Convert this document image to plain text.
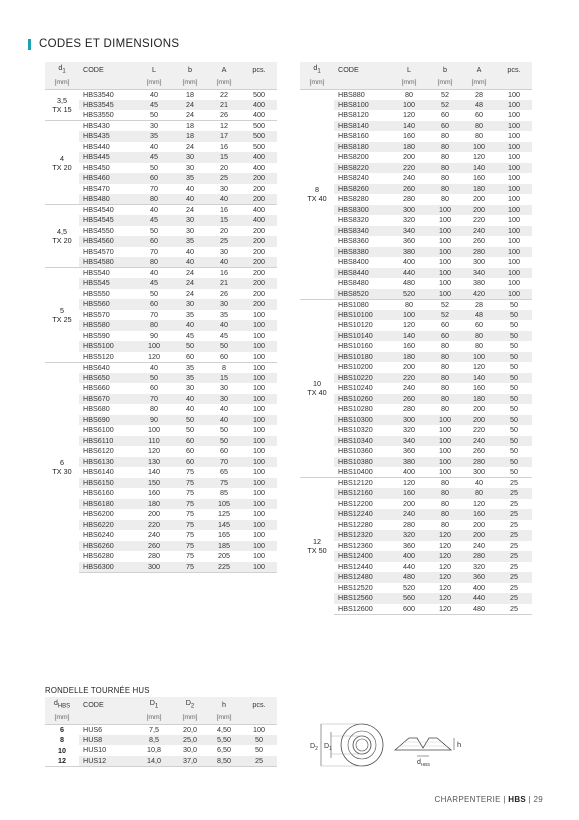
CODES ET DIMENSIONS
$d_1$	CODE	L	b	A	pcs.
[mm]		[mm]	[mm]	[mm]	

3,5
TX 15	HBS3540	40	18	22	500
	HBS3545	45	24	21	400
	HBS3550	50	24	26	400

4
TX 20	HBS430	30	18	12	500
	HBS435	35	18	17	500
	HBS440	40	24	16	500
	HBS445	45	30	15	400
	HBS450	50	30	20	400
	HBS460	60	35	25	200
	HBS470	70	40	30	200
	HBS480	80	40	40	200

4,5
TX 20	HBS4540	40	24	16	400
	HBS4545	45	30	15	400
	HBS4550	50	30	20	200
	HBS4560	60	35	25	200
	HBS4570	70	40	30	200
	HBS4580	80	40	40	200

5
TX 25	HBS540	40	24	16	200
	HBS545	45	24	21	200
	HBS550	50	24	26	200
	HBS560	60	30	30	200
	HBS570	70	35	35	100
	HBS580	80	40	40	100
	HBS590	90	45	45	100
	HBS5100	100	50	50	100
	HBS5120	120	60	60	100

6
TX 30	HBS640	40	35	8	100
	HBS650	50	35	15	100
	HBS660	60	30	30	100
	HBS670	70	40	30	100
	HBS680	80	40	40	100
	HBS690	90	50	40	100
	HBS6100	100	50	50	100
	HBS6110	110	60	50	100
	HBS6120	120	60	60	100
	HBS6130	130	60	70	100
	HBS6140	140	75	65	100
	HBS6150	150	75	75	100
	HBS6160	160	75	85	100
	HBS6180	180	75	105	100
	HBS6200	200	75	125	100
	HBS6220	220	75	145	100
	HBS6240	240	75	165	100
	HBS6260	260	75	185	100
	HBS6280	280	75	205	100
	HBS6300	300	75	225	100
$d_1$	CODE	L	b	A	pcs.
[mm]		[mm]	[mm]	[mm]	

8
TX 40	HBS880	80	52	28	100
	HBS8100	100	52	48	100
	HBS8120	120	60	60	100
	HBS8140	140	60	80	100
	HBS8160	160	80	80	100
	HBS8180	180	80	100	100
	HBS8200	200	80	120	100
	HBS8220	220	80	140	100
	HBS8240	240	80	160	100
	HBS8260	260	80	180	100
	HBS8280	280	80	200	100
	HBS8300	300	100	200	100
	HBS8320	320	100	220	100
	HBS8340	340	100	240	100
	HBS8360	360	100	260	100
	HBS8380	380	100	280	100
	HBS8400	400	100	300	100
	HBS8440	440	100	340	100
	HBS8480	480	100	380	100
	HBS8520	520	100	420	100

10
TX 40	HBS1080	80	52	28	50
	HBS10100	100	52	48	50
	HBS10120	120	60	60	50
	HBS10140	140	60	80	50
	HBS10160	160	80	80	50
	HBS10180	180	80	100	50
	HBS10200	200	80	120	50
	HBS10220	220	80	140	50
	HBS10240	240	80	160	50
	HBS10260	260	80	180	50
	HBS10280	280	80	200	50
	HBS10300	300	100	200	50
	HBS10320	320	100	220	50
	HBS10340	340	100	240	50
	HBS10360	360	100	260	50
	HBS10380	380	100	280	50
	HBS10400	400	100	300	50

12
TX 50	HBS12120	120	80	40	25
	HBS12160	160	80	80	25
	HBS12200	200	80	120	25
	HBS12240	240	80	160	25
	HBS12280	280	80	200	25
	HBS12320	320	120	200	25
	HBS12360	360	120	240	25
	HBS12400	400	120	280	25
	HBS12440	440	120	320	25
	HBS12480	480	120	360	25
	HBS12520	520	120	400	25
	HBS12560	560	120	440	25
	HBS12600	600	120	480	25
RONDELLE TOURNÉE HUS
$d_{HBS}$	CODE	$D_1$	$D_2$	h	pcs.
[mm]		[mm]	[mm]	[mm]	
6	HUS6	7,5	20,0	4,50	100
8	HUS8	8,5	25,0	5,50	50
10	HUS10	10,8	30,0	6,50	50
12	HUS12	14,0	37,0	8,50	25
$D_2$ $D_1$	h
$d_{HBS}$
CHARPENTERIE | HBS | 29
